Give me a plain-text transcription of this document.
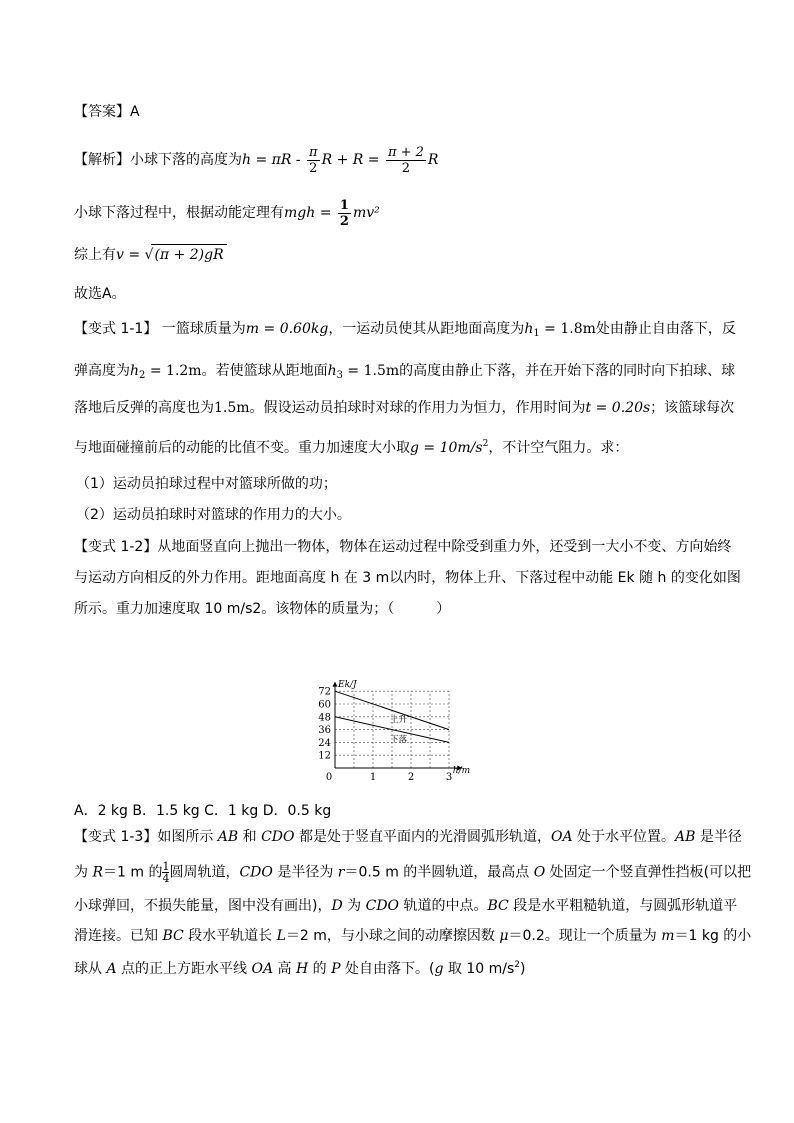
【答案】A
【解析】小球下落的高度为$h = \pi R - \frac{\pi}{2}$ $R + R = \frac{\pi + 2}{2}$ R
小球下落过程中，根据动能定理有mgh = $\frac{1}{2} mv^2$
综上有v = √(π + 2)gR
故选A。
【变式 1-1】 一篮球质量为m = 0.60kg，一运动员使其从距地面高度为$h_1 = 1.8m$处由静止自由落下，反
弹高度为$h_2 = 1.2m$。若使篮球从距地面$h_3 = 1.5m$的高度由静止下落，并在开始下落的同时向下拍球、球
落地后反弹的高度也为1.5m。假设运动员拍球时对球的作用力为恒力，作用时间为t = 0.20s；该篮球每次
与地面碰撞前后的动能的比值不变。重力加速度大小取$g = 10m/s^2$，不计空气阻力。求：
（1）运动员拍球过程中对篮球所做的功；
（2）运动员拍球时对篮球的作用力的大小。
【变式 1-2】从地面竖直向上抛出一物体，物体在运动过程中除受到重力外，还受到一大小不变、方向始终
与运动方向相反的外力作用。距地面高度 h 在 3 m以内时，物体上升、下落过程中动能 Ek 随 h 的变化如图
所示。重力加速度取 10 m/s2。该物体的质量为；（　　　）
12
24
36
48
60
72
0	1	2	3
Ek/J
h/m
上升
下落
A．2 kg B．1.5 kg C．1 kg D．0.5 kg
【变式 1-3】如图所示 AB 和 CDO 都是处于竖直平面内的光滑圆弧形轨道，OA 处于水平位置。AB 是半径
为 R＝1 m 的 $\frac{1}{4}$圆周轨道，CDO 是半径为 r＝0.5 m 的半圆轨道，最高点 O 处固定一个竖直弹性挡板(可以把
小球弹回，不损失能量，图中没有画出)，D 为 CDO 轨道的中点。BC 段是水平粗糙轨道，与圆弧形轨道平
滑连接。已知 BC 段水平轨道长 L＝2 m，与小球之间的动摩擦因数 μ＝0.2。现让一个质量为 m＝1 kg 的小
球从 A 点的正上方距水平线 OA 高 H 的 P 处自由落下。(g 取 10 $m/s^2$)
